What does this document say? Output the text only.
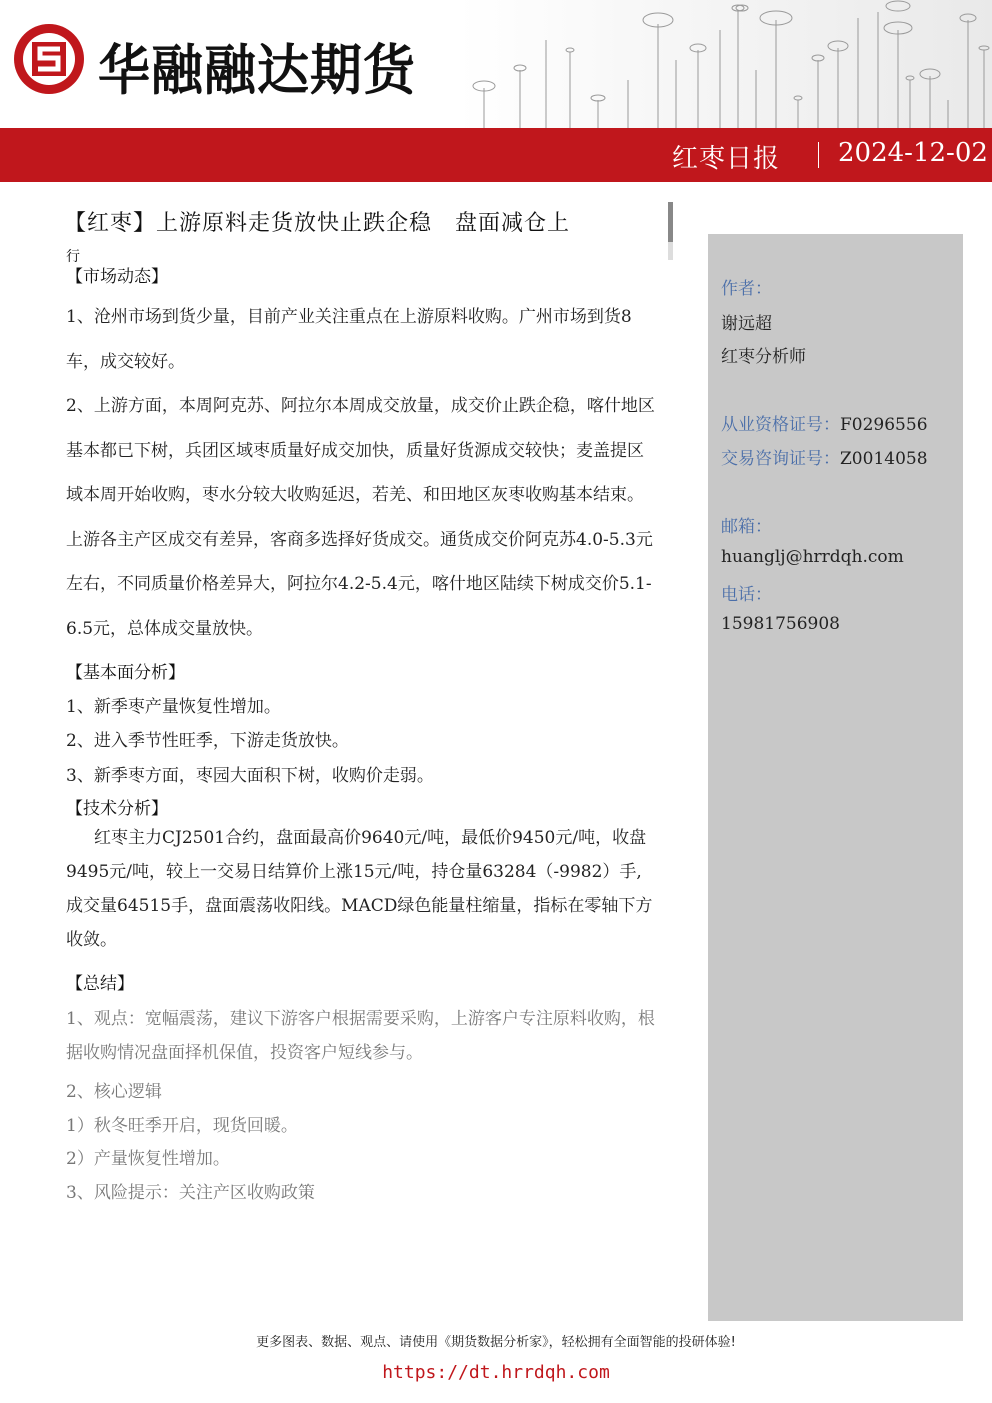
华融融达期货
红枣日报 2024-12-02
【红枣】上游原料走货放快止跌企稳　盘面减仓上
行
【市场动态】
1、沧州市场到货少量，目前产业关注重点在上游原料收购。广州市场到货8车，成交较好。
2、上游方面，本周阿克苏、阿拉尔本周成交放量，成交价止跌企稳，喀什地区基本都已下树，兵团区域枣质量好成交加快，质量好货源成交较快；麦盖提区域本周开始收购，枣水分较大收购延迟，若羌、和田地区灰枣收购基本结束。上游各主产区成交有差异，客商多选择好货成交。通货成交价阿克苏4.0-5.3元左右，不同质量价格差异大，阿拉尔4.2-5.4元，喀什地区陆续下树成交价5.1-6.5元，总体成交量放快。
【基本面分析】
1、新季枣产量恢复性增加。
2、进入季节性旺季，下游走货放快。
3、新季枣方面，枣园大面积下树，收购价走弱。
【技术分析】
红枣主力CJ2501合约，盘面最高价9640元/吨，最低价9450元/吨，收盘9495元/吨，较上一交易日结算价上涨15元/吨，持仓量63284（-9982）手,成交量64515手，盘面震荡收阳线。MACD绿色能量柱缩量，指标在零轴下方收敛。
【总结】
1、观点：宽幅震荡，建议下游客户根据需要采购，上游客户专注原料收购，根据收购情况盘面择机保值，投资客户短线参与。
2、核心逻辑
1）秋冬旺季开启，现货回暖。
2）产量恢复性增加。
3、风险提示：关注产区收购政策
作者：
谢远超
红枣分析师
从业资格证号：F0296556
交易咨询证号：Z0014058
邮箱：
huanglj@hrrdqh.com
电话：
15981756908
更多图表、数据、观点、请使用《期货数据分析家》，轻松拥有全面智能的投研体验!
https://dt.hrrdqh.com
